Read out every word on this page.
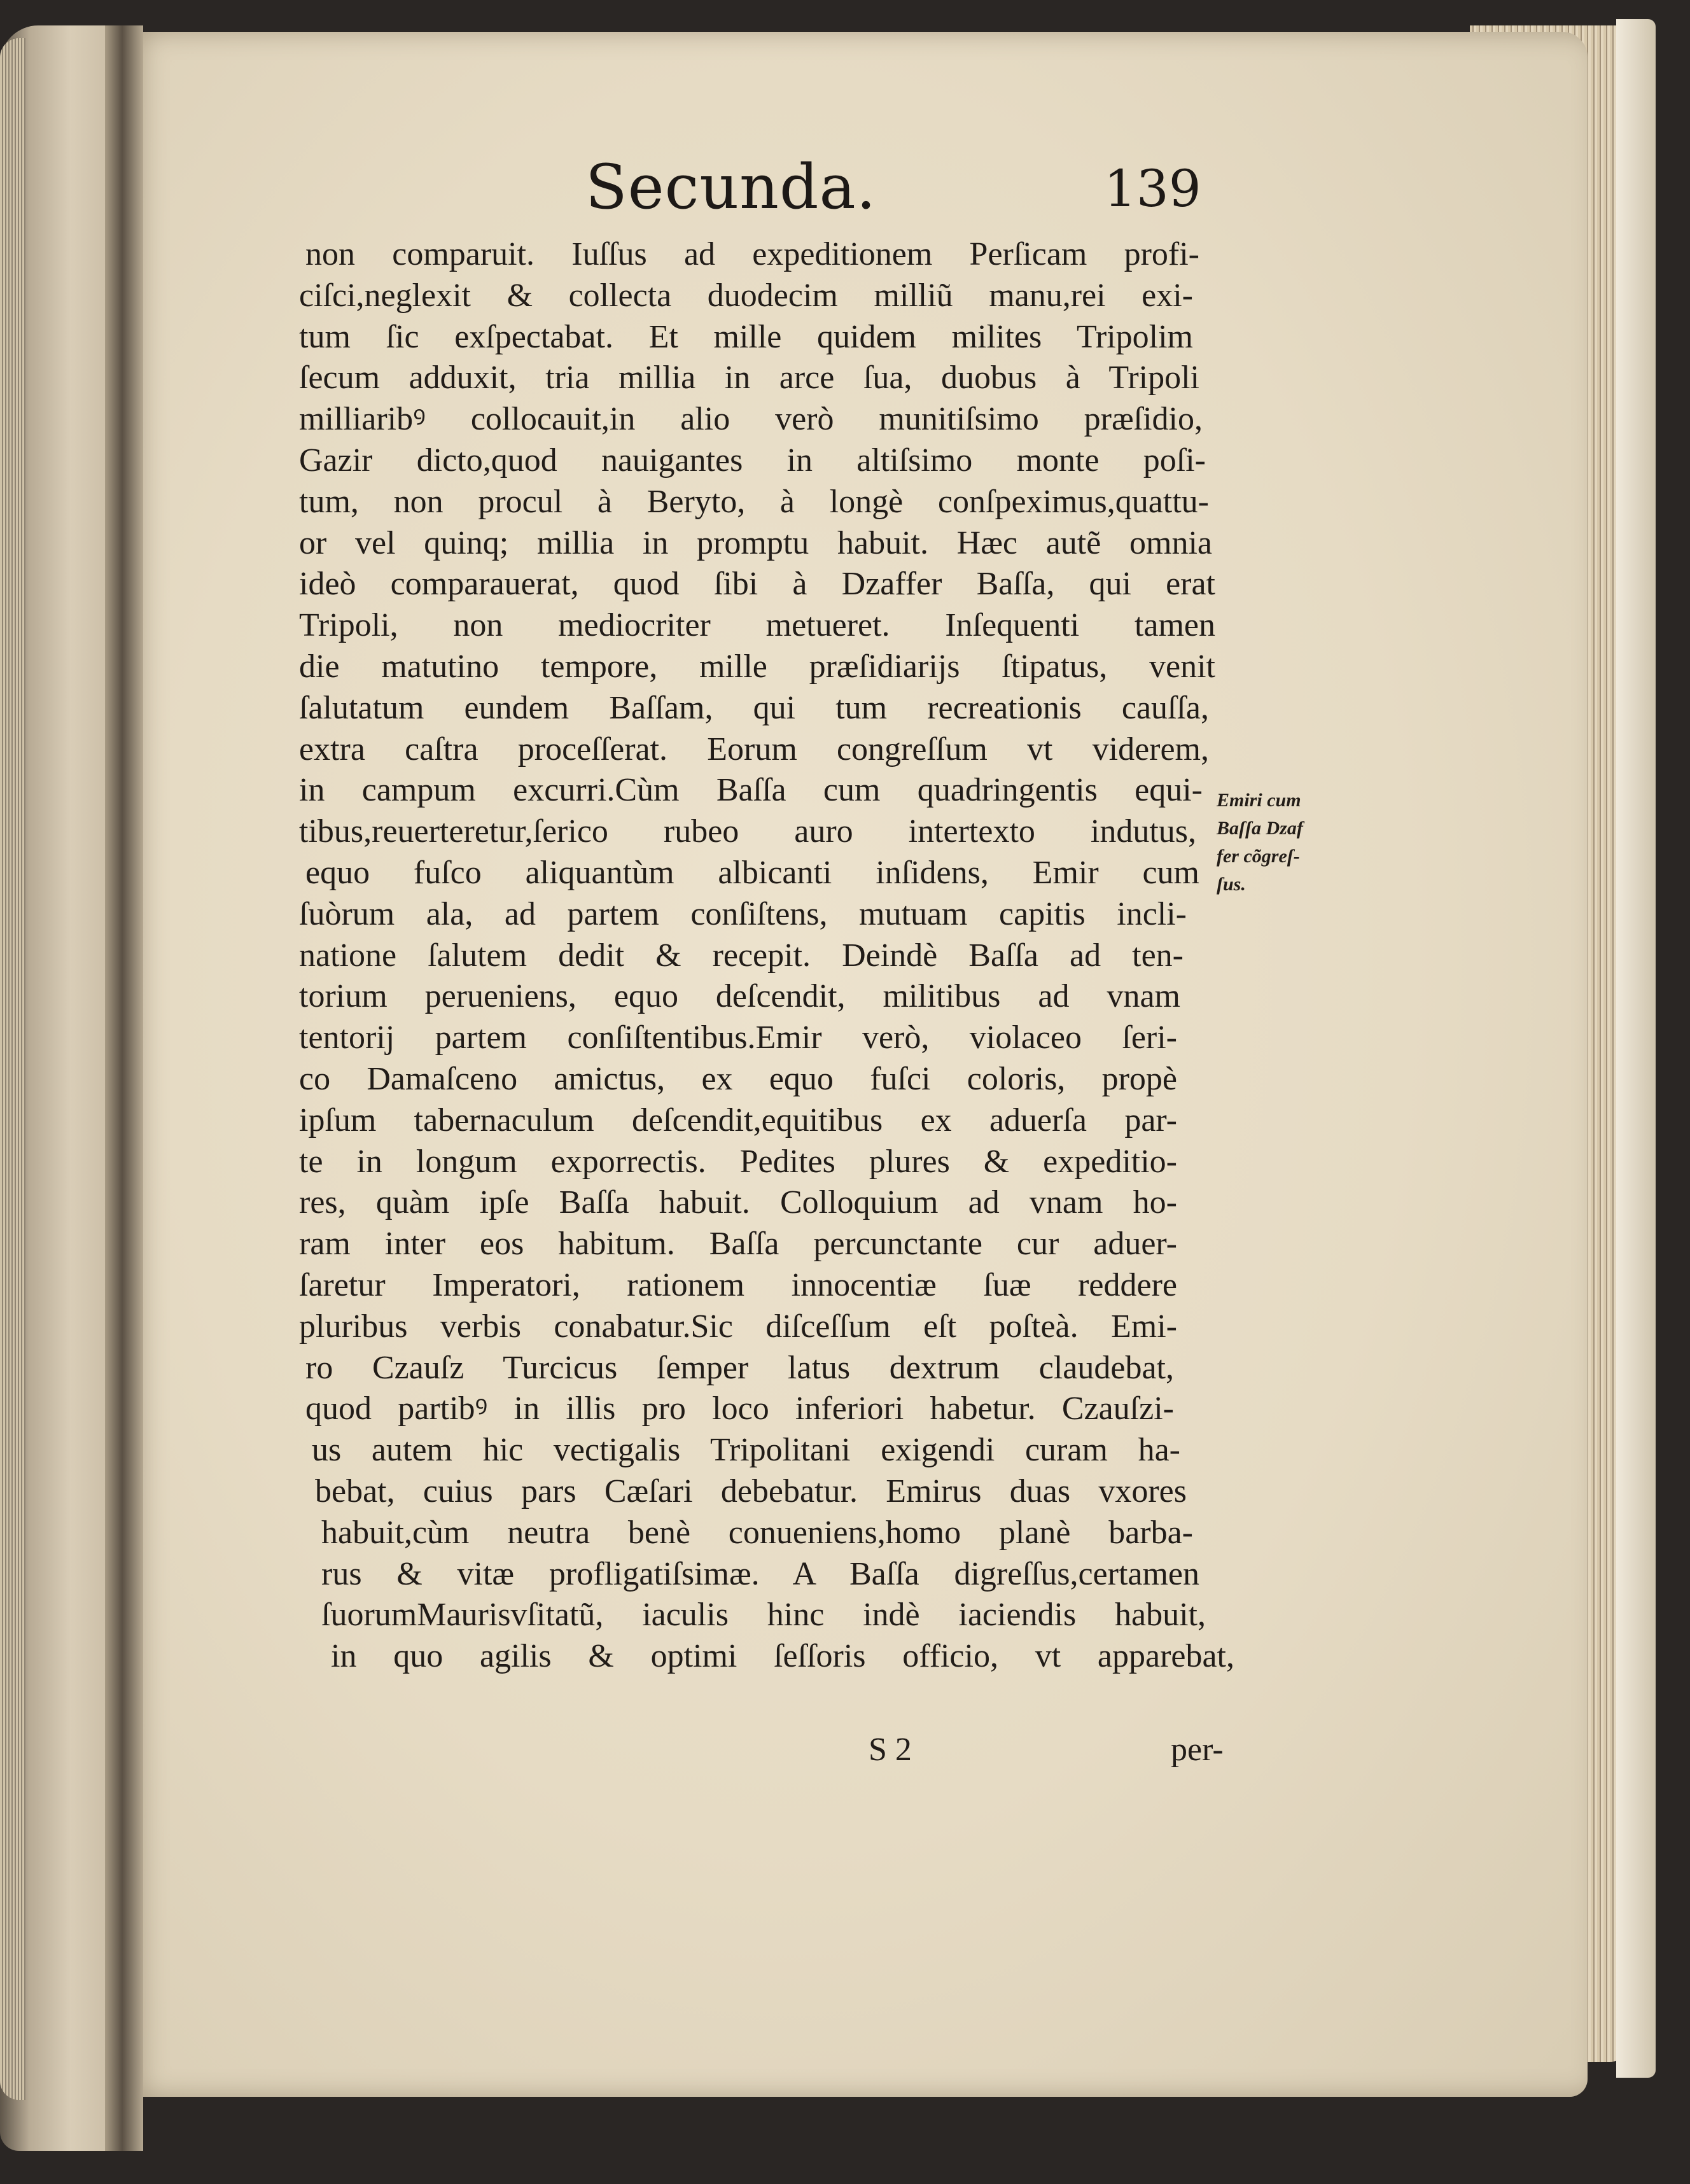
Secunda.	139
non comparuit. Iuſſus ad expeditionem Perſicam profi-
ciſci,neglexit & collecta duodecim milliũ manu,rei exi-
tum ſic exſpectabat. Et mille quidem milites Tripolim
ſecum adduxit, tria millia in arce ſua, duobus à Tripoli
milliaribꝰ collocauit,in alio verò munitiſsimo præſidio,
Gazir dicto,quod nauigantes in altiſsimo monte poſi-
tum, non procul à Beryto, à longè conſpeximus,quattu-
or vel quinq; millia in promptu habuit. Hæc autẽ omnia
ideò comparauerat, quod ſibi à Dzaffer Baſſa, qui erat
Tripoli, non mediocriter metueret. Inſequenti tamen
die matutino tempore, mille præſidiarijs ſtipatus, venit
ſalutatum eundem Baſſam, qui tum recreationis cauſſa,
extra caſtra proceſſerat. Eorum congreſſum vt viderem,
in campum excurri.Cùm Baſſa cum quadringentis equi-
tibus,reuerteretur,ſerico rubeo auro intertexto indutus,
equo fuſco aliquantùm albicanti inſidens, Emir cum
ſuòrum ala, ad partem conſiſtens, mutuam capitis incli-
natione ſalutem dedit & recepit. Deindè Baſſa ad ten-
torium perueniens, equo deſcendit, militibus ad vnam
tentorij partem conſiſtentibus.Emir verò, violaceo ſeri-
co Damaſceno amictus, ex equo fuſci coloris, propè
ipſum tabernaculum deſcendit,equitibus ex aduerſa par-
te in longum exporrectis. Pedites plures & expeditio-
res, quàm ipſe Baſſa habuit. Colloquium ad vnam ho-
ram inter eos habitum. Baſſa percunctante cur aduer-
ſaretur Imperatori, rationem innocentiæ ſuæ reddere
pluribus verbis conabatur.Sic diſceſſum eſt poſteà. Emi-
ro Czauſz Turcicus ſemper latus dextrum claudebat,
quod partibꝰ in illis pro loco inferiori habetur. Czauſzi-
us autem hic vectigalis Tripolitani exigendi curam ha-
bebat, cuius pars Cæſari debebatur. Emirus duas vxores
habuit,cùm neutra benè conueniens,homo planè barba-
rus & vitæ profligatiſsimæ. A Baſſa digreſſus,certamen
ſuorumMaurisvſitatũ, iaculis hinc indè iaciendis habuit,
in quo agilis & optimi ſeſſoris officio, vt apparebat,
Emiri cum
Baſſa Dzaf
fer cõgreſ-
ſus.
S 2	per-
